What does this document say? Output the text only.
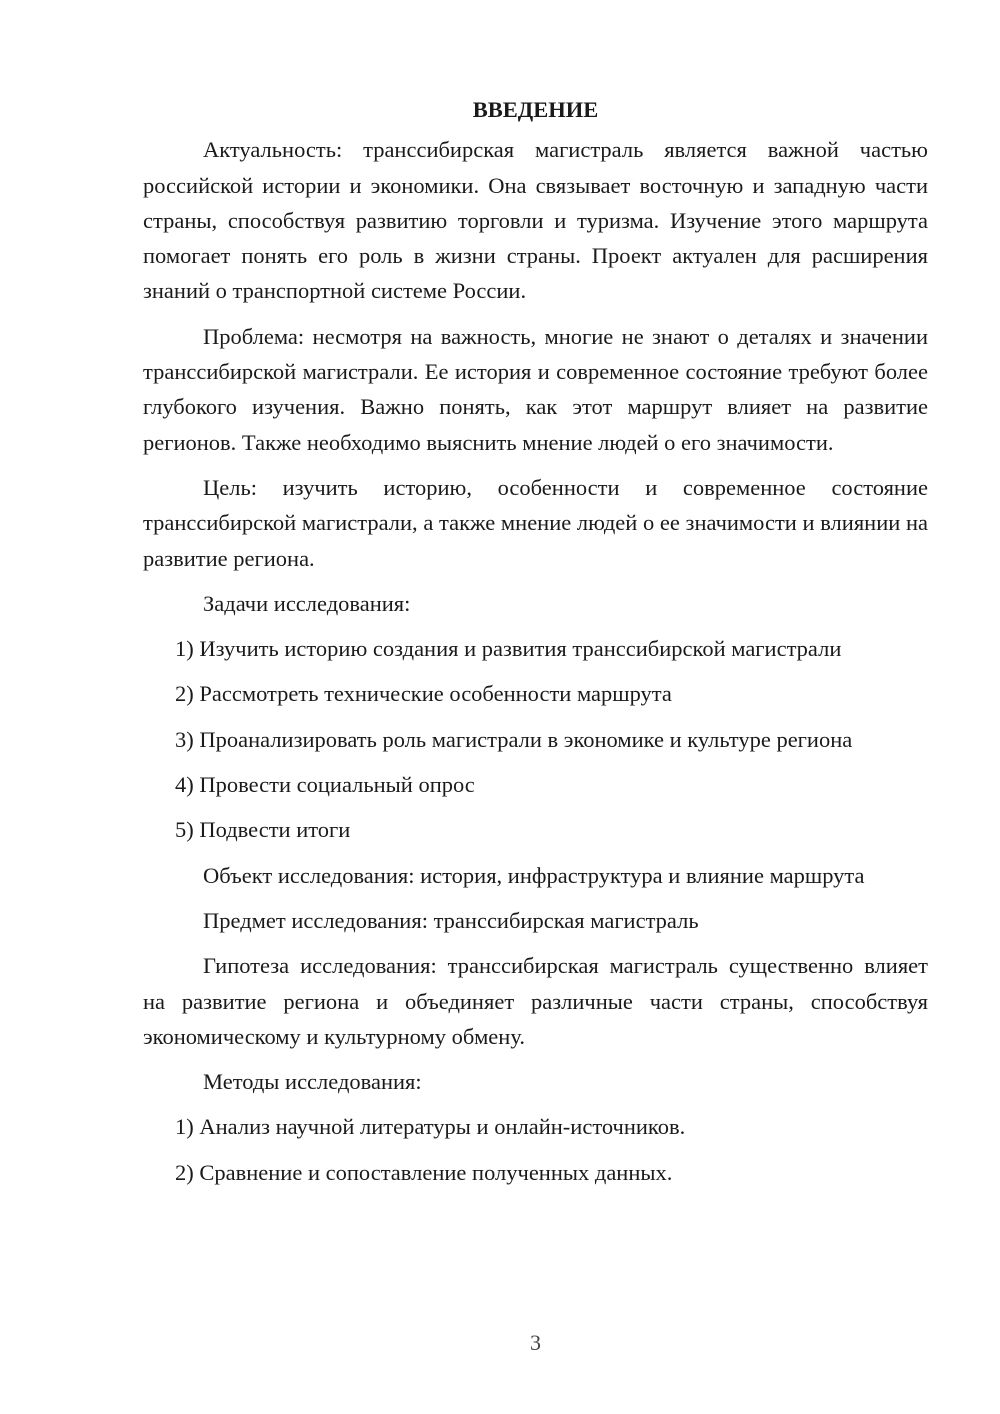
ВВЕДЕНИЕ

Актуальность: транссибирская магистраль является важной частью российской истории и экономики. Она связывает восточную и западную части страны, способствуя развитию торговли и туризма. Изучение этого маршрута помогает понять его роль в жизни страны. Проект актуален для расширения знаний о транспортной системе России.

Проблема: несмотря на важность, многие не знают о деталях и значении транссибирской магистрали. Ее история и современное состояние требуют более глубокого изучения. Важно понять, как этот маршрут влияет на развитие регионов. Также необходимо выяснить мнение людей о его значимости.

Цель: изучить историю, особенности и современное состояние транссибирской магистрали, а также мнение людей о ее значимости и влиянии на развитие региона.

Задачи исследования:

1) Изучить историю создания и развития транссибирской магистрали

2) Рассмотреть технические особенности маршрута

3) Проанализировать роль магистрали в экономике и культуре региона

4) Провести социальный опрос

5) Подвести итоги

Объект исследования: история, инфраструктура и влияние маршрута

Предмет исследования: транссибирская магистраль

Гипотеза исследования: транссибирская магистраль существенно влияет на развитие региона и объединяет различные части страны, способствуя экономическому и культурному обмену.

Методы исследования:

1) Анализ научной литературы и онлайн-источников.

2) Сравнение и сопоставление полученных данных.

3
